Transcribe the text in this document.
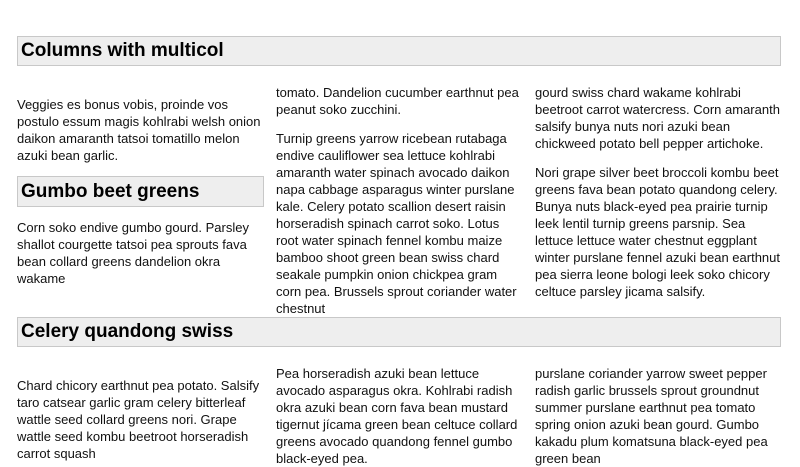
Columns with multicol

Veggies es bonus vobis, proinde vos postulo essum magis kohlrabi welsh onion daikon amaranth tatsoi tomatillo melon azuki bean garlic.

Gumbo beet greens

Corn soko endive gumbo gourd. Parsley shallot courgette tatsoi pea sprouts fava bean collard greens dandelion okra wakame

tomato. Dandelion cucumber earthnut pea peanut soko zucchini.

Turnip greens yarrow ricebean rutabaga endive cauliflower sea lettuce kohlrabi amaranth water spinach avocado daikon napa cabbage asparagus winter purslane kale. Celery potato scallion desert raisin horseradish spinach carrot soko. Lotus root water spinach fennel kombu maize bamboo shoot green bean swiss chard seakale pumpkin onion chickpea gram corn pea. Brussels sprout coriander water chestnut

gourd swiss chard wakame kohlrabi beetroot carrot watercress. Corn amaranth salsify bunya nuts nori azuki bean chickweed potato bell pepper artichoke.

Nori grape silver beet broccoli kombu beet greens fava bean potato quandong celery. Bunya nuts black-eyed pea prairie turnip leek lentil turnip greens parsnip. Sea lettuce lettuce water chestnut eggplant winter purslane fennel azuki bean earthnut pea sierra leone bologi leek soko chicory celtuce parsley jicama salsify.

Celery quandong swiss

Chard chicory earthnut pea potato. Salsify taro catsear garlic gram celery bitterleaf wattle seed collard greens nori. Grape wattle seed kombu beetroot horseradish carrot squash

Pea horseradish azuki bean lettuce avocado asparagus okra. Kohlrabi radish okra azuki bean corn fava bean mustard tigernut jícama green bean celtuce collard greens avocado quandong fennel gumbo black-eyed pea.

purslane coriander yarrow sweet pepper radish garlic brussels sprout groundnut summer purslane earthnut pea tomato spring onion azuki bean gourd. Gumbo kakadu plum komatsuna black-eyed pea green bean
